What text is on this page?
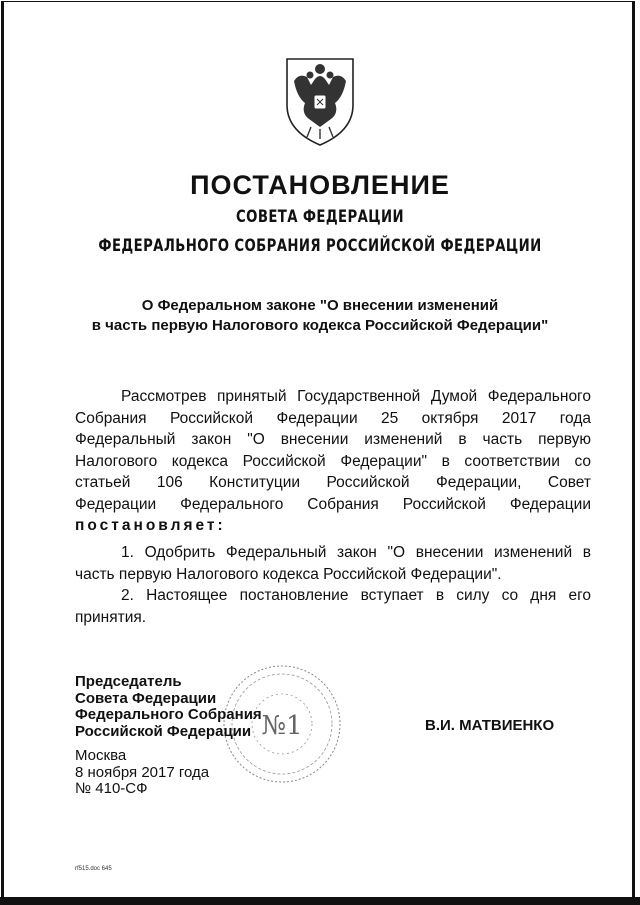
ПОСТАНОВЛЕНИЕ
СОВЕТА ФЕДЕРАЦИИ
ФЕДЕРАЛЬНОГО СОБРАНИЯ РОССИЙСКОЙ ФЕДЕРАЦИИ
О Федеральном законе "О внесении изменений
в часть первую Налогового кодекса Российской Федерации"
Рассмотрев принятый Государственной Думой Федерального
Собрания Российской Федерации 25 октября 2017 года
Федеральный закон "О внесении изменений в часть первую
Налогового кодекса Российской Федерации" в соответствии со
статьей 106 Конституции Российской Федерации, Совет
Федерации Федерального Собрания Российской Федерации
постановляет:
1. Одобрить Федеральный закон "О внесении изменений в
часть первую Налогового кодекса Российской Федерации".
2. Настоящее постановление вступает в силу со дня его
принятия.
№1
Председатель
Совета Федерации
Федерального Собрания
Российской Федерации	В.И. МАТВИЕНКО
Москва
8 ноября 2017 года
№ 410-СФ
rf515.doc 645
